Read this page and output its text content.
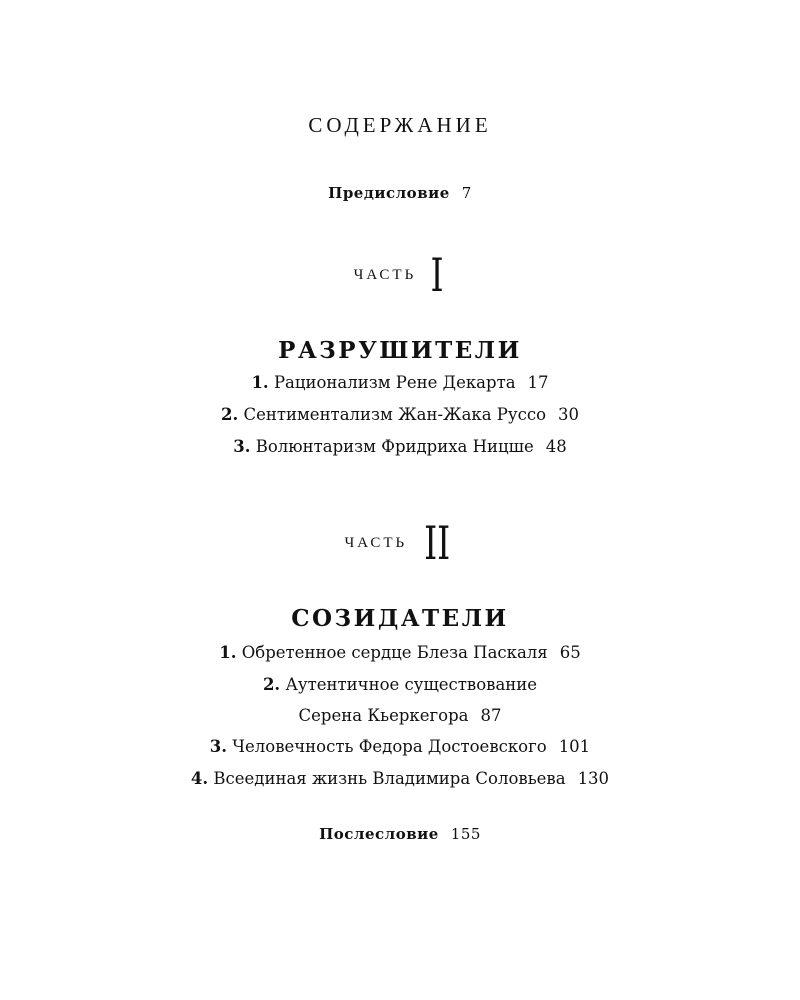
СОДЕРЖАНИЕ
Предисловие 7
ЧАСТЬ I
РАЗРУШИТЕЛИ
1. Рационализм Рене Декарта 17
2. Сентиментализм Жан-Жака Руссо 30
3. Волюнтаризм Фридриха Ницше 48
ЧАСТЬ II
СОЗИДАТЕЛИ
1. Обретенное сердце Блеза Паскаля 65
2. Аутентичное существование
Серена Кьеркегора 87
3. Человечность Федора Достоевского 101
4. Всеединая жизнь Владимира Соловьева 130
Послесловие 155
